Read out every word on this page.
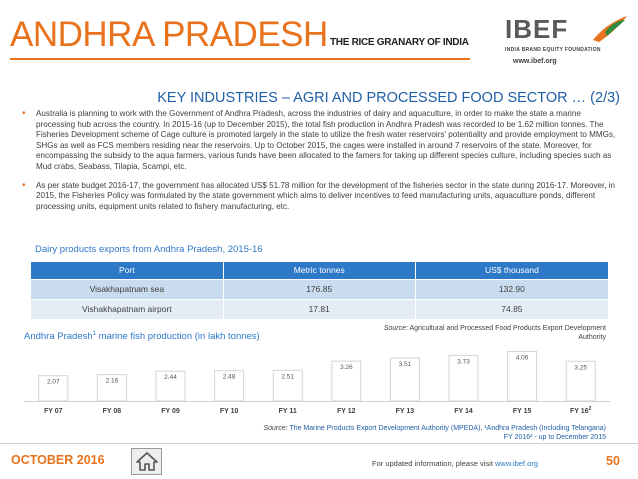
ANDHRA PRADESH THE RICE GRANARY OF INDIA IBEF
INDIA BRAND EQUITY FOUNDATION
www.ibef.org
KEY INDUSTRIES – AGRI AND PROCESSED FOOD SECTOR … (2/3)
• Australia is planning to work with the Government of Andhra Pradesh, across the industries of dairy and aquaculture, in order to make the state a marine processing hub across the country. In 2015-16 (up to December 2015), the total fish production in Andhra Pradesh was recorded to be 1.62 million tonnes. The Fisheries Development scheme of Cage culture is promoted largely in the state to utilize the fresh water reservoirs' potentiality and provide employment to MMGs, SHGs as well as FCS members residing near the reservoirs. Up to October 2015, the cages were installed in around 7 reservoirs of the state. Moreover, for encompassing the subsidy to the aqua farmers, various funds have been allocated to the famers for taking up different species culture, including species such as Mud crabs, Seabass, Tilapia, Scampi, etc.
• As per state budget 2016-17, the government has allocated US$ 51.78 million for the development of the fisheries sector in the state during 2016-17. Moreover, in 2015, the Fisheries Policy was formulated by the state government which aims to deliver incentives to feed manufacturing units, aquaculture ponds, different processing units, equipment units related to fishery manufacturing, etc.
Dairy products exports from Andhra Pradesh, 2015-16
Port	Metric tonnes	US$ thousand
Visakhapatnam sea	176.85	132.90
Vishakhapatnam airport	17.81	74.85
Source: Agricultural and Processed Food Products Export Development Authority
Andhra Pradesh$^1$ marine fish production (in lakh tonnes)
2.07
FY 07
2.16
FY 08
2.44
FY 09
2.48
FY 10
2.51
FY 11
3.26
FY 12
3.51
FY 13
3.73
FY 14
4.06
FY 15
3.25
FY $16^2$
Source: The Marine Products Export Development Authority (MPEDA), ¹Andhra Pradesh (Including Telangana)
FY 2016² - up to December 2015
OCTOBER 2016	For updated information, please visit www.ibef.org	50
